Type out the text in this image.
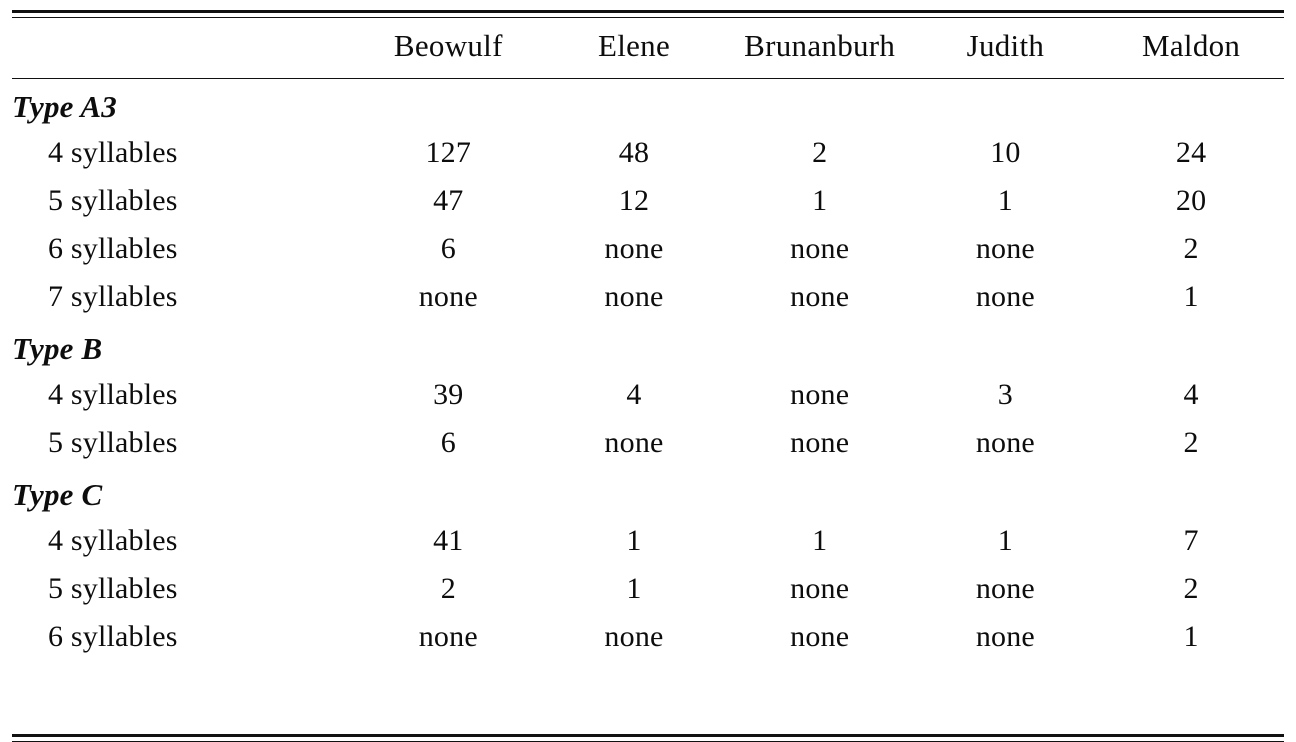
	Beowulf	Elene	Brunanburh	Judith	Maldon
Type A3					
4 syllables	127	48	2	10	24
5 syllables	47	12	1	1	20
6 syllables	6	none	none	none	2
7 syllables	none	none	none	none	1
Type B					
4 syllables	39	4	none	3	4
5 syllables	6	none	none	none	2
Type C					
4 syllables	41	1	1	1	7
5 syllables	2	1	none	none	2
6 syllables	none	none	none	none	1
